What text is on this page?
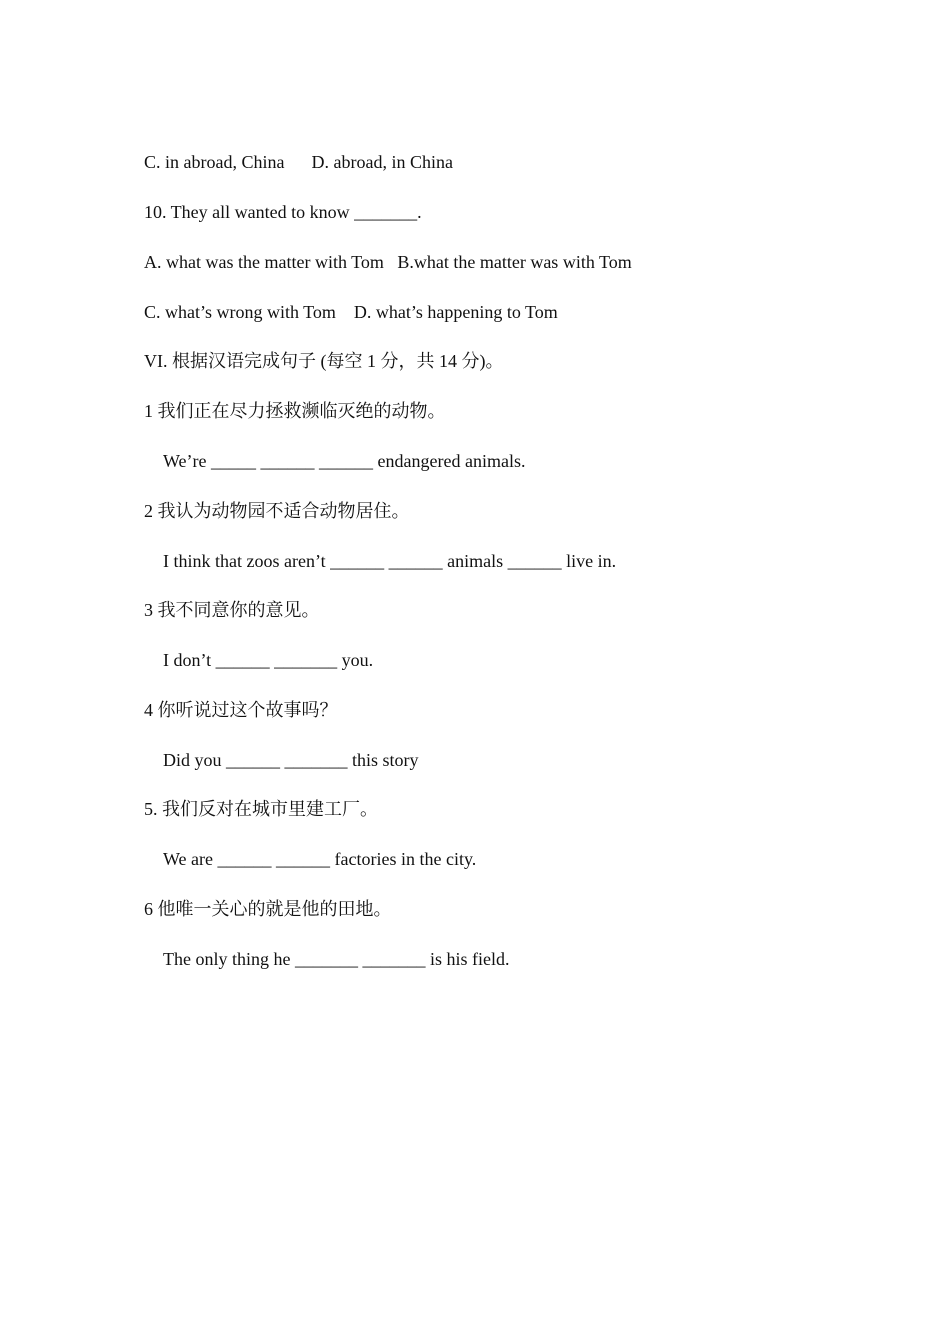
C. in abroad, China      D. abroad, in China
10. They all wanted to know _______.
A. what was the matter with Tom   B.what the matter was with Tom
C. what’s wrong with Tom    D. what’s happening to Tom
VI. 根据汉语完成句子 (每空 1 分，共 14 分)。
1 我们正在尽力拯救濒临灭绝的动物。
We’re _____ ______ ______ endangered animals.
2 我认为动物园不适合动物居住。
I think that zoos aren’t ______ ______ animals ______ live in.
3 我不同意你的意见。
I don’t ______ _______ you.
4 你听说过这个故事吗？
Did you ______ _______ this story
5. 我们反对在城市里建工厂。
We are ______ ______ factories in the city.
6 他唯一关心的就是他的田地。
The only thing he _______ _______ is his field.
